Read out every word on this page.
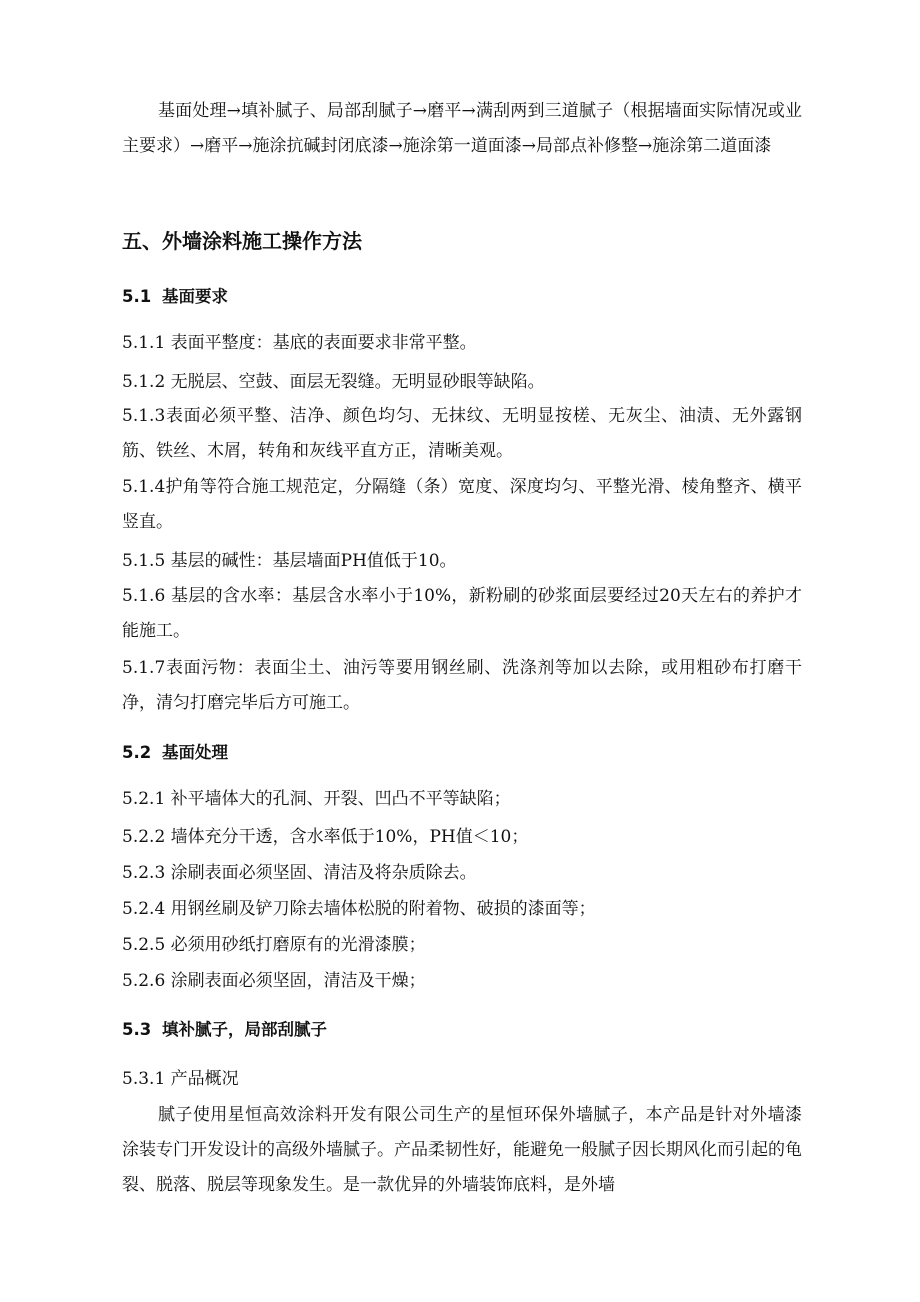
基面处理→填补腻子、局部刮腻子→磨平→满刮两到三道腻子（根据墙面实际情况或业主要求）→磨平→施涂抗碱封闭底漆→施涂第一道面漆→局部点补修整→施涂第二道面漆

五、外墙涂料施工操作方法
5.1 基面要求
5.1.1 表面平整度：基底的表面要求非常平整。
5.1.2 无脱层、空鼓、面层无裂缝。无明显砂眼等缺陷。

5.1.3表面必须平整、洁净、颜色均匀、无抹纹、无明显按槎、无灰尘、油渍、无外露钢筋、铁丝、木屑，转角和灰线平直方正，清晰美观。

5.1.4护角等符合施工规范定，分隔缝（条）宽度、深度均匀、平整光滑、棱角整齐、横平竖直。

5.1.5 基层的碱性：基层墙面PH值低于10。

5.1.6 基层的含水率：基层含水率小于10%，新粉刷的砂浆面层要经过20天左右的养护才能施工。

5.1.7表面污物：表面尘土、油污等要用钢丝刷、洗涤剂等加以去除，或用粗砂布打磨干净，清匀打磨完毕后方可施工。

5.2 基面处理
5.2.1 补平墙体大的孔洞、开裂、凹凸不平等缺陷；
5.2.2 墙体充分干透，含水率低于10%，PH值＜10；
5.2.3 涂刷表面必须坚固、清洁及将杂质除去。
5.2.4 用钢丝刷及铲刀除去墙体松脱的附着物、破损的漆面等；
5.2.5 必须用砂纸打磨原有的光滑漆膜；
5.2.6 涂刷表面必须坚固，清洁及干燥；
5.3 填补腻子，局部刮腻子
5.3.1 产品概况

腻子使用星恒高效涂料开发有限公司生产的星恒环保外墙腻子，本产品是针对外墙漆涂装专门开发设计的高级外墙腻子。产品柔韧性好，能避免一般腻子因长期风化而引起的龟裂、脱落、脱层等现象发生。是一款优异的外墙装饰底料，是外墙
